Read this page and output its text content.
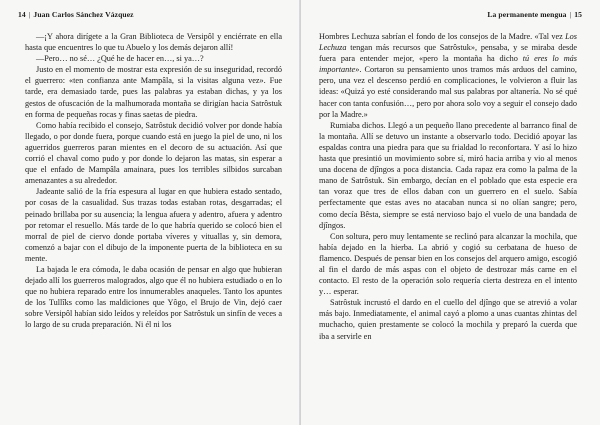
14 | Juan Carlos Sánchez Vázquez

—¡Y ahora dirígete a la Gran Biblioteca de Versipôl y enciérrate en ella hasta que encuentres lo que tu Abuelo y los demás dejaron allí!

—Pero… no sé… ¿Qué he de hacer en…, si ya…?

Justo en el momento de mostrar esta expresión de su inseguridad, recordó el guerrero: «ten confianza ante Mampâla, si la visitas alguna vez». Fue tarde, era demasiado tarde, pues las palabras ya estaban dichas, y ya los gestos de ofuscación de la malhumorada montaña se dirigían hacia Satrôstuk en forma de pequeñas rocas y finas saetas de piedra.

Como había recibido el consejo, Satrôstuk decidió volver por donde había llegado, o por donde fuera, porque cuando está en juego la piel de uno, ni los aguerridos guerreros paran mientes en el decoro de su actuación. Así que corrió el chaval como pudo y por donde lo dejaron las matas, sin esperar a que el enfado de Mampâla amainara, pues los terribles silbidos surcaban amenazantes a su alrededor.

Jadeante salió de la fría espesura al lugar en que hubiera estado sentado, por cosas de la casualidad. Sus trazas todas estaban rotas, desgarradas; el peinado brillaba por su ausencia; la lengua afuera y adentro, afuera y adentro por retomar el resuello. Más tarde de lo que habría querido se colocó bien el morral de piel de ciervo donde portaba víveres y vituallas y, sin demora, comenzó a bajar con el dibujo de la imponente puerta de la biblioteca en su mente.

La bajada le era cómoda, le daba ocasión de pensar en algo que hubieran dejado allí los guerreros malogrados, algo que él no hubiera estudiado o en lo que no hubiera reparado entre los innumerables anaqueles. Tanto los apuntes de los Tullîks como las maldiciones que Yôgo, el Brujo de Vin, dejó caer sobre Versipôl habían sido leídos y releídos por Satrôstuk un sinfín de veces a lo largo de su cruda preparación. Ni él ni los

La permanente mengua | 15

Hombres Lechuza sabrían el fondo de los consejos de la Madre. «Tal vez Los Lechuza tengan más recursos que Satrôstuk», pensaba, y se miraba desde fuera para entender mejor, «pero la montaña ha dicho tú eres lo más importante». Cortaron su pensamiento unos tramos más arduos del camino, pero, una vez el descenso perdió en complicaciones, le volvieron a fluir las ideas: «Quizá yo esté considerando mal sus palabras por altanería. No sé qué hacer con tanta confusión…, pero por ahora solo voy a seguir el consejo dado por la Madre.»

Rumiaba dichos. Llegó a un pequeño llano precedente al barranco final de la montaña. Allí se detuvo un instante a observarlo todo. Decidió apoyar las espaldas contra una piedra para que su frialdad lo reconfortara. Y así lo hizo hasta que presintió un movimiento sobre sí, miró hacia arriba y vio al menos una docena de djîngos a poca distancia. Cada rapaz era como la palma de la mano de Satrôstuk. Sin embargo, decían en el poblado que esta especie era tan voraz que tres de ellos daban con un guerrero en el suelo. Sabía perfectamente que estas aves no atacaban nunca si no olían sangre; pero, como decía Bêsta, siempre se está nervioso bajo el vuelo de una bandada de djîngos.

Con soltura, pero muy lentamente se reclinó para alcanzar la mochila, que había dejado en la hierba. La abrió y cogió su cerbatana de hueso de flamenco. Después de pensar bien en los consejos del arquero amigo, escogió al fin el dardo de más aspas con el objeto de destrozar más carne en el contacto. El resto de la operación solo requería cierta destreza en el intento y… esperar.

Satrôstuk incrustó el dardo en el cuello del djîngo que se atrevió a volar más bajo. Inmediatamente, el animal cayó a plomo a unas cuantas zhintas del muchacho, quien prestamente se colocó la mochila y preparó la cuerda que iba a servirle en
